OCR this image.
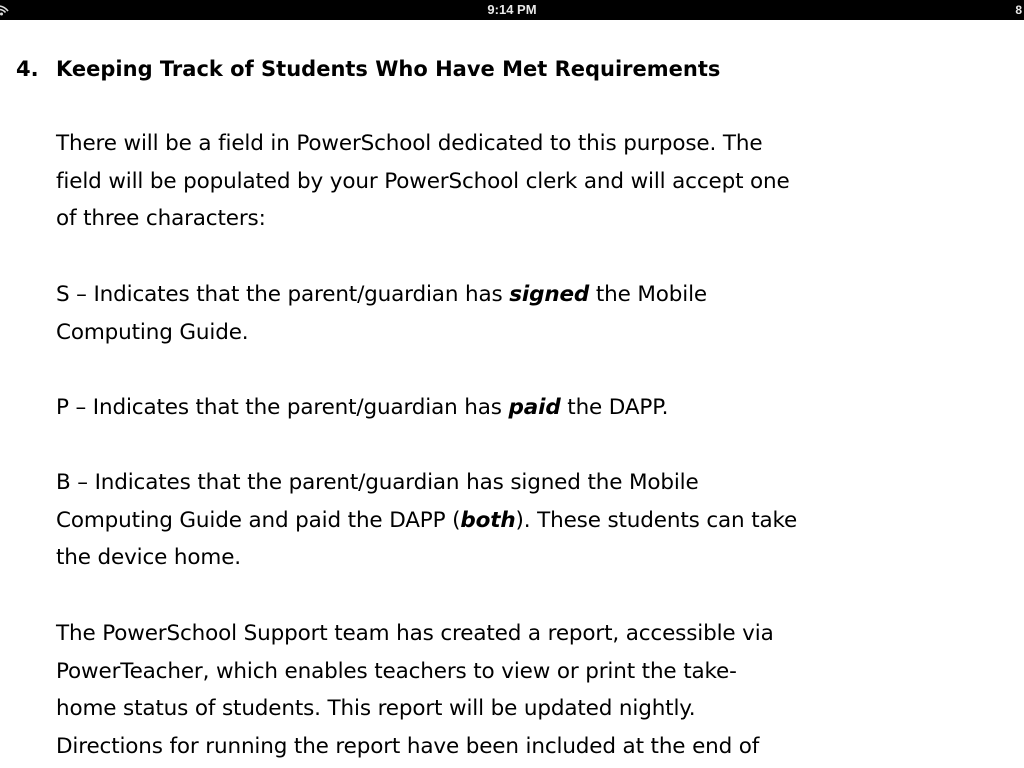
9:14 PM	8
4. Keeping Track of Students Who Have Met Requirements

There will be a field in PowerSchool dedicated to this purpose. The
field will be populated by your PowerSchool clerk and will accept one
of three characters:

S – Indicates that the parent/guardian has signed the Mobile
Computing Guide.

P – Indicates that the parent/guardian has paid the DAPP.

B – Indicates that the parent/guardian has signed the Mobile
Computing Guide and paid the DAPP (both). These students can take
the device home.

The PowerSchool Support team has created a report, accessible via
PowerTeacher, which enables teachers to view or print the take-
home status of students. This report will be updated nightly.
Directions for running the report have been included at the end of
